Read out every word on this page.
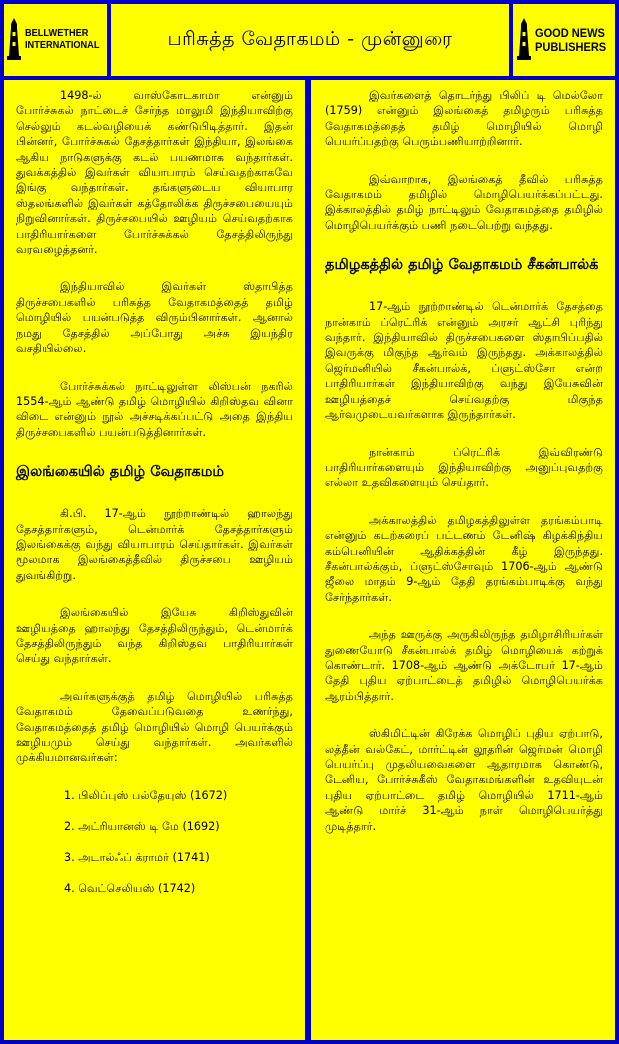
BELLWETHER
INTERNATIONAL	பரிசுத்த வேதாகமம் - முன்னுரை	GOOD NEWS
PUBLISHERS

1498-ல் வாஸ்கோடகாமா என்னும் போர்ச்சுகல் நாட்டைச் சேர்ந்த மாலுமி இந்தியாவிற்கு செல்லும் கடல்வழியைக் கண்டுபிடித்தார். இதன் பின்னர், போர்ச்சுகல் தேசத்தார்கள் இந்தியா, இலங்கை ஆகிய நாடுகளுக்கு கடல் பயணமாக வந்தார்கள். துவக்கத்தில் இவர்கள் வியாபாரம் செய்வதற்காகவே இங்கு வந்தார்கள். தங்களுடைய வியாபார ஸ்தலங்களில் இவர்கள் கத்தோலிக்க திருச்சபையையும் நிறுவினார்கள். திருச்சபையில் ஊழியம் செய்வதற்காக பாதிரியார்களை போர்ச்சுக்கல் தேசத்திலிருந்து வரவழைத்தனர்.

இந்தியாவில் இவர்கள் ஸ்தாபித்த திருச்சபைகளில் பரிசுத்த வேதாகமத்தைத் தமிழ் மொழியில் பயன்படுத்த விரும்பினார்கள். ஆனால் நமது தேசத்தில் அப்போது அச்சு இயந்திர வசதியில்லை.

போர்ச்சுக்கல் நாட்டிலுள்ள லிஸ்பன் நகரில் 1554-ஆம் ஆண்டு தமிழ் மொழியில் கிறிஸ்தவ வினா விடை என்னும் நூல் அச்சடிக்கப்பட்டு அதை இந்திய திருச்சபைகளில் பயன்படுத்தினார்கள்.

இலங்கையில் தமிழ் வேதாகமம்

கி.பி. 17-ஆம் நூற்றாண்டில் ஹாலந்து தேசத்தார்களும், டென்மார்க் தேசத்தார்களும் இலங்கைக்கு வந்து வியாபாரம் செய்தார்கள். இவர்கள் மூலமாக இலங்கைத்தீவில் திருச்சபை ஊழியம் துவங்கிற்று.

இலங்கையில் இயேசு கிறிஸ்துவின் ஊழியத்தை ஹாலந்து தேசத்திலிருந்தும், டென்மார்க் தேசத்திலிருந்தும் வந்த கிறிஸ்தவ பாதிரியார்கள் செய்து வந்தார்கள்.

அவர்களுக்குத் தமிழ் மொழியில் பரிசுத்த வேதாகமம் தேவைப்படுவதை உணர்ந்து, வேதாகமத்தைத் தமிழ் மொழியில் மொழி பெயர்க்கும் ஊழியமும் செய்து வந்தார்கள். அவர்களில் முக்கியமானவர்கள்:

1. பிலிப்புஸ் பல்தேயுஸ் (1672)
2. அட்ரியானஸ் டி மே (1692)
3. அடால்ஃப் க்ராமர் (1741)
4. வெட்செலியஸ் (1742)

இவர்களைத் தொடர்ந்து பிலிப் டி மெல்லோ (1759) என்னும் இலங்கைத் தமிழரும் பரிசுத்த வேதாகமத்தைத் தமிழ் மொழியில் மொழி பெயர்ப்பதற்கு பெரும்பணியாற்றினார்.

இவ்வாறாக, இலங்கைத் தீவில் பரிசுத்த வேதாகமம் தமிழில் மொழிபெயர்க்கப்பட்டது. இக்காலத்தில் தமிழ் நாட்டிலும் வேதாகமத்தை தமிழில் மொழிபெயர்க்கும் பணி நடைபெற்று வந்தது.

தமிழகத்தில் தமிழ் வேதாகமம் சீகன்பால்க்

17-ஆம் நூற்றாண்டில் டென்மார்க் தேசத்தை நான்காம் ப்ரெட்ரிக் என்னும் அரசர் ஆட்சி புரிந்து வந்தார். இந்தியாவில் திருச்சபைகளை ஸ்தாபிப்பதில் இவருக்கு மிகுந்த ஆர்வம் இருந்தது. அக்காலத்தில் ஜெர்மனியில் சீகன்பால்க், ப்ளுட்ஸ்சோ என்ற பாதிரியார்கள் இந்தியாவிற்கு வந்து இயேசுவின் ஊழியத்தைச் செய்வதற்கு மிகுந்த ஆர்வமுடையவர்களாக இருந்தார்கள்.

நான்காம் ப்ரெட்ரிக் இவ்விரண்டு பாதிரியார்களையும் இந்தியாவிற்கு அனுப்புவதற்கு எல்லா உதவிகளையும் செய்தார்.

அக்காலத்தில் தமிழகத்திலுள்ள தரங்கம்பாடி என்னும் கடற்கரைப் பட்டணம் டேனிஷ் கிழக்கிந்திய கம்பெனியின் ஆதிக்கத்தின் கீழ் இருந்தது. சீகன்பால்க்கும், ப்ளுட்ஸ்சோவும் 1706-ஆம் ஆண்டு ஜீலை மாதம் 9-ஆம் தேதி தரங்கம்பாடிக்கு வந்து சேர்ந்தார்கள்.

அந்த ஊருக்கு அருகிலிருந்த தமிழாசிரியர்கள் துணையோடு சீகன்பால்க் தமிழ் மொழியைக் கற்றுக் கொண்டார். 1708-ஆம் ஆண்டு அக்டோபர் 17-ஆம் தேதி புதிய ஏற்பாட்டைத் தமிழில் மொழிபெயர்க்க ஆரம்பித்தார்.

ஸ்கிமிட்டின் கிரேக்க மொழிப் புதிய ஏற்பாடு, லத்தீன் வல்கேட், மார்ட்டின் லூதரின் ஜெர்மன் மொழி பெயர்ப்பு முதலியவைகளை ஆதாரமாக கொண்டு, டேனிய, போர்ச்சுகீஸ் வேதாகமங்களின் உதவியுடன் புதிய ஏற்பாட்டை தமிழ் மொழியில் 1711-ஆம் ஆண்டு மார்ச் 31-ஆம் நாள் மொழிபெயர்த்து முடித்தார்.
